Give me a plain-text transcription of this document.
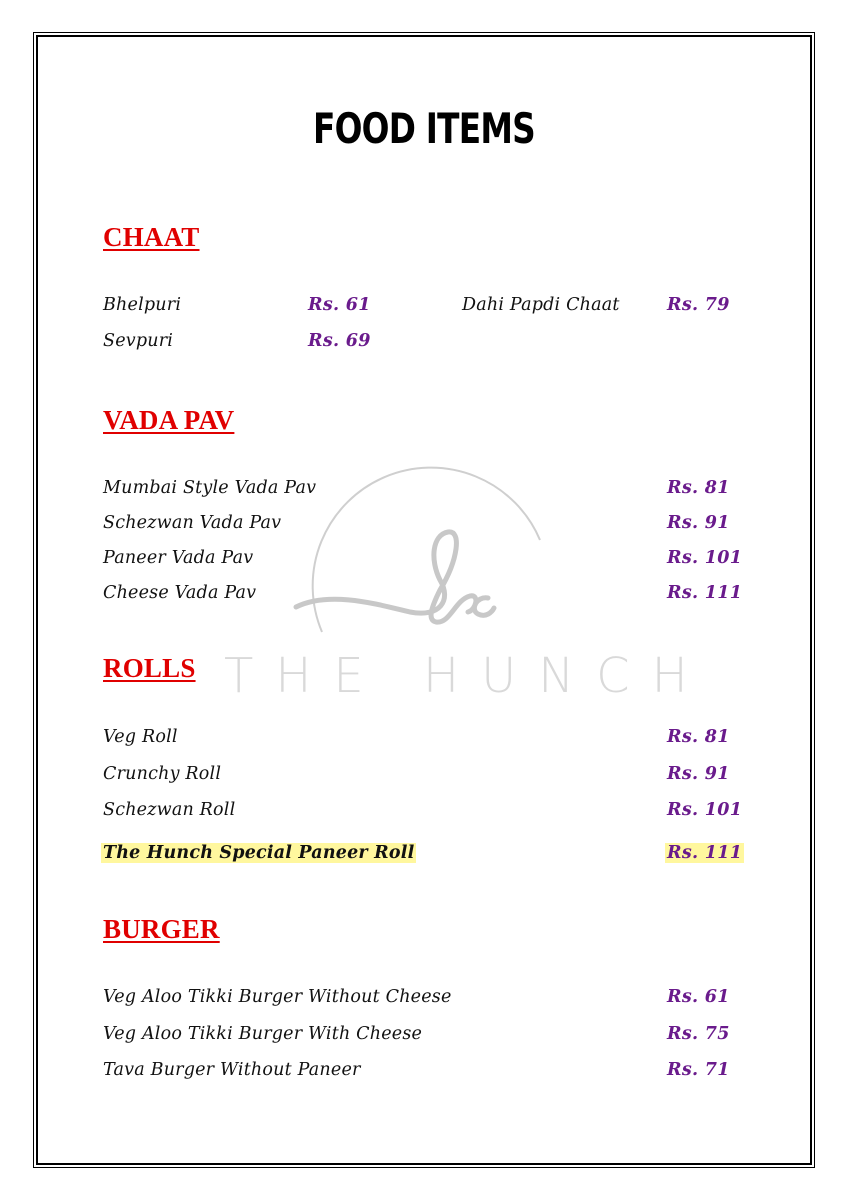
THE HUNCH
FOOD ITEMS
CHAAT
Bhelpuri	Rs. 61	Dahi Papdi Chaat	Rs. 79
Sevpuri	Rs. 69
VADA PAV
Mumbai Style Vada Pav	Rs. 81
Schezwan Vada Pav	Rs. 91
Paneer Vada Pav	Rs. 101
Cheese Vada Pav	Rs. 111
ROLLS
Veg Roll	Rs. 81
Crunchy Roll	Rs. 91
Schezwan Roll	Rs. 101
The Hunch Special Paneer Roll	Rs. 111
BURGER
Veg Aloo Tikki Burger Without Cheese	Rs. 61
Veg Aloo Tikki Burger With Cheese	Rs. 75
Tava Burger Without Paneer	Rs. 71
